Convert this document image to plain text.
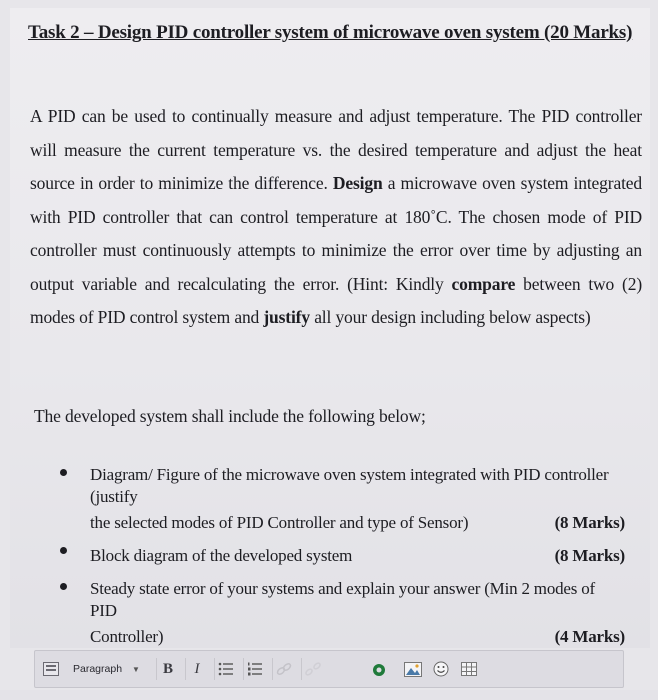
Task 2 – Design PID controller system of microwave oven system (20 Marks)
A PID can be used to continually measure and adjust temperature. The PID controller will measure the current temperature vs. the desired temperature and adjust the heat source in order to minimize the difference. Design a microwave oven system integrated with PID controller that can control temperature at 180˚C. The chosen mode of PID controller must continuously attempts to minimize the error over time by adjusting an output variable and recalculating the error. (Hint: Kindly compare between two (2) modes of PID control system and justify all your design including below aspects)
The developed system shall include the following below;
Diagram/ Figure of the microwave oven system integrated with PID controller (justify
the selected modes of PID Controller and type of Sensor)	(8 Marks)
Block diagram of the developed system	(8 Marks)
Steady state error of your systems and explain your answer (Min 2 modes of PID
Controller)	(4 Marks)
Paragraph ▼	B	I
